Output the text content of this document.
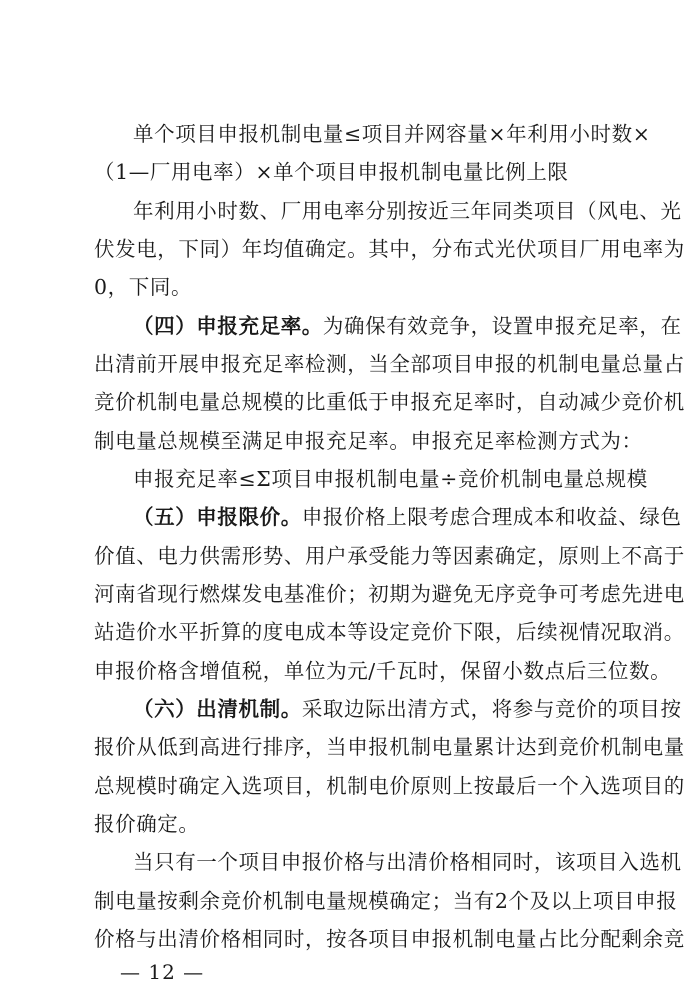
单个项目申报机制电量≤项目并网容量×年利用小时数×
（1—厂用电率）×单个项目申报机制电量比例上限
年利用小时数、厂用电率分别按近三年同类项目（风电、光
伏发电，下同）年均值确定。其中，分布式光伏项目厂用电率为
0，下同。
（四）申报充足率。为确保有效竞争，设置申报充足率，在
出清前开展申报充足率检测，当全部项目申报的机制电量总量占
竞价机制电量总规模的比重低于申报充足率时，自动减少竞价机
制电量总规模至满足申报充足率。申报充足率检测方式为：
申报充足率≤Σ项目申报机制电量÷竞价机制电量总规模
（五）申报限价。申报价格上限考虑合理成本和收益、绿色
价值、电力供需形势、用户承受能力等因素确定，原则上不高于
河南省现行燃煤发电基准价；初期为避免无序竞争可考虑先进电
站造价水平折算的度电成本等设定竞价下限，后续视情况取消。
申报价格含增值税，单位为元/千瓦时，保留小数点后三位数。
（六）出清机制。采取边际出清方式，将参与竞价的项目按
报价从低到高进行排序，当申报机制电量累计达到竞价机制电量
总规模时确定入选项目，机制电价原则上按最后一个入选项目的
报价确定。
当只有一个项目申报价格与出清价格相同时，该项目入选机
制电量按剩余竞价机制电量规模确定；当有2个及以上项目申报
价格与出清价格相同时，按各项目申报机制电量占比分配剩余竞
— 12 —
